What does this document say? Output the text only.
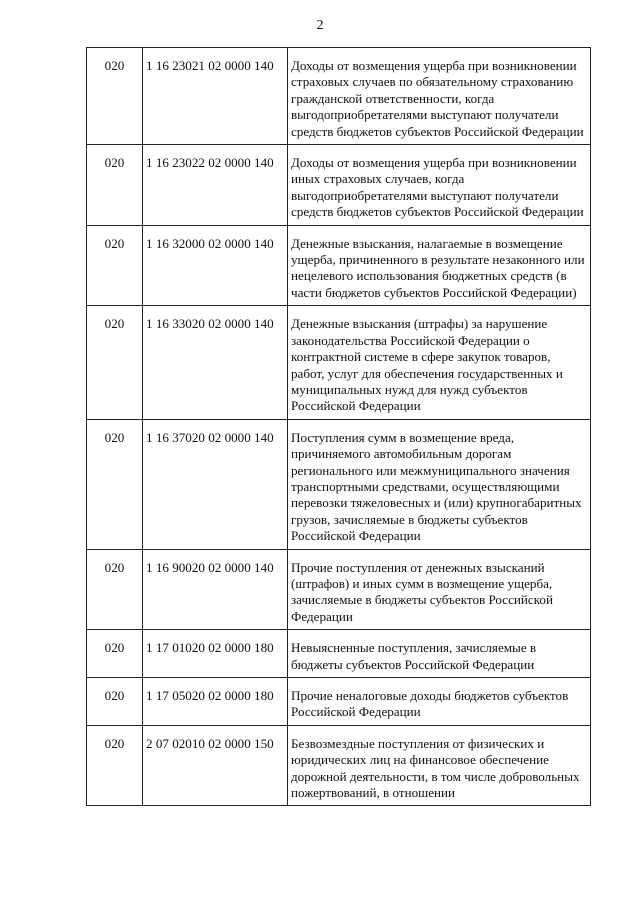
2
020	1 16 23021 02 0000 140	Доходы от возмещения ущерба при возникновении страховых случаев по обязательному страхованию гражданской ответственности, когда выгодоприобретателями выступают получатели средств бюджетов субъектов Российской Федерации
020	1 16 23022 02 0000 140	Доходы от возмещения ущерба при возникновении иных страховых случаев, когда выгодоприобретателями выступают получатели средств бюджетов субъектов Российской Федерации
020	1 16 32000 02 0000 140	Денежные взыскания, налагаемые в возмещение ущерба, причиненного в результате незаконного или нецелевого использования бюджетных средств (в части бюджетов субъектов Российской Федерации)
020	1 16 33020 02 0000 140	Денежные взыскания (штрафы) за нарушение законодательства Российской Федерации о контрактной системе в сфере закупок товаров, работ, услуг для обеспечения государственных и муниципальных нужд для нужд субъектов Российской Федерации
020	1 16 37020 02 0000 140	Поступления сумм в возмещение вреда, причиняемого автомобильным дорогам регионального или межмуниципального значения транспортными средствами, осуществляющими перевозки тяжеловесных и (или) крупногабаритных грузов, зачисляемые в бюджеты субъектов Российской Федерации
020	1 16 90020 02 0000 140	Прочие поступления от денежных взысканий (штрафов) и иных сумм в возмещение ущерба, зачисляемые в бюджеты субъектов Российской Федерации
020	1 17 01020 02 0000 180	Невыясненные поступления, зачисляемые в бюджеты субъектов Российской Федерации
020	1 17 05020 02 0000 180	Прочие неналоговые доходы бюджетов субъектов Российской Федерации
020	2 07 02010 02 0000 150	Безвозмездные поступления от физических и юридических лиц на финансовое обеспечение дорожной деятельности, в том числе добровольных пожертвований, в отношении
